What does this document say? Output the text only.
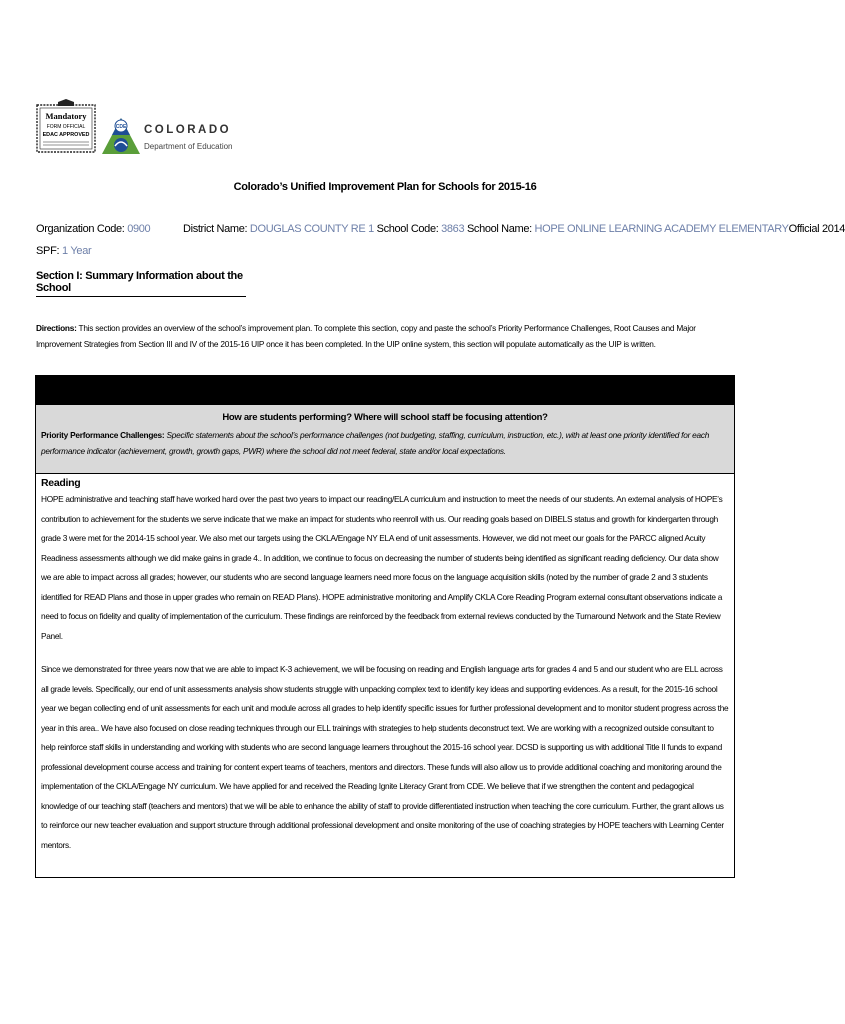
Mandatory
FORM OFFICIAL
EDAC APPROVED
CDE COLORADO
Department of Education
Colorado’s Unified Improvement Plan for Schools for 2015-16
Organization Code: 0900	District Name: DOUGLAS COUNTY RE 1 School Code: 3863 School Name: HOPE ONLINE LEARNING ACADEMY ELEMENTARYOfficial 2014
SPF: 1 Year
Section I: Summary Information about the School
Directions: This section provides an overview of the school’s improvement plan. To complete this section, copy and paste the school’s Priority Performance Challenges, Root Causes and Major Improvement Strategies from Section III and IV of the 2015-16 UIP once it has been completed. In the UIP online system, this section will populate automatically as the UIP is written.
How are students performing? Where will school staff be focusing attention?
Priority Performance Challenges: Specific statements about the school’s performance challenges (not budgeting, staffing, curriculum, instruction, etc.), with at least one priority identified for each performance indicator (achievement, growth, growth gaps, PWR) where the school did not meet federal, state and/or local expectations.
Reading

HOPE administrative and teaching staff have worked hard over the past two years to impact our reading/ELA curriculum and instruction to meet the needs of our students. An external analysis of HOPE’s contribution to achievement for the students we serve indicate that we make an impact for students who reenroll with us. Our reading goals based on DIBELS status and growth for kindergarten through grade 3 were met for the 2014-15 school year. We also met our targets using the CKLA/Engage NY ELA end of unit assessments. However, we did not meet our goals for the PARCC aligned Acuity Readiness assessments although we did make gains in grade 4.. In addition, we continue to focus on decreasing the number of students being identified as significant reading deficiency. Our data show we are able to impact across all grades; however, our students who are second language learners need more focus on the language acquisition skills (noted by the number of grade 2 and 3 students identified for READ Plans and those in upper grades who remain on READ Plans). HOPE administrative monitoring and Amplify CKLA Core Reading Program external consultant observations indicate a need to focus on fidelity and quality of implementation of the curriculum. These findings are reinforced by the feedback from external reviews conducted by the Turnaround Network and the State Review Panel.

Since we demonstrated for three years now that we are able to impact K-3 achievement, we will be focusing on reading and English language arts for grades 4 and 5 and our student who are ELL across all grade levels. Specifically, our end of unit assessments analysis show students struggle with unpacking complex text to identify key ideas and supporting evidences. As a result, for the 2015-16 school year we began collecting end of unit assessments for each unit and module across all grades to help identify specific issues for further professional development and to monitor student progress across the year in this area.. We have also focused on close reading techniques through our ELL trainings with strategies to help students deconstruct text. We are working with a recognized outside consultant to help reinforce staff skills in understanding and working with students who are second language learners throughout the 2015-16 school year. DCSD is supporting us with additional Title II funds to expand professional development course access and training for content expert teams of teachers, mentors and directors. These funds will also allow us to provide additional coaching and monitoring around the implementation of the CKLA/Engage NY curriculum. We have applied for and received the Reading Ignite Literacy Grant from CDE. We believe that if we strengthen the content and pedagogical knowledge of our teaching staff (teachers and mentors) that we will be able to enhance the ability of staff to provide differentiated instruction when teaching the core curriculum. Further, the grant allows us to reinforce our new teacher evaluation and support structure through additional professional development and onsite monitoring of the use of coaching strategies by HOPE teachers with Learning Center mentors.
